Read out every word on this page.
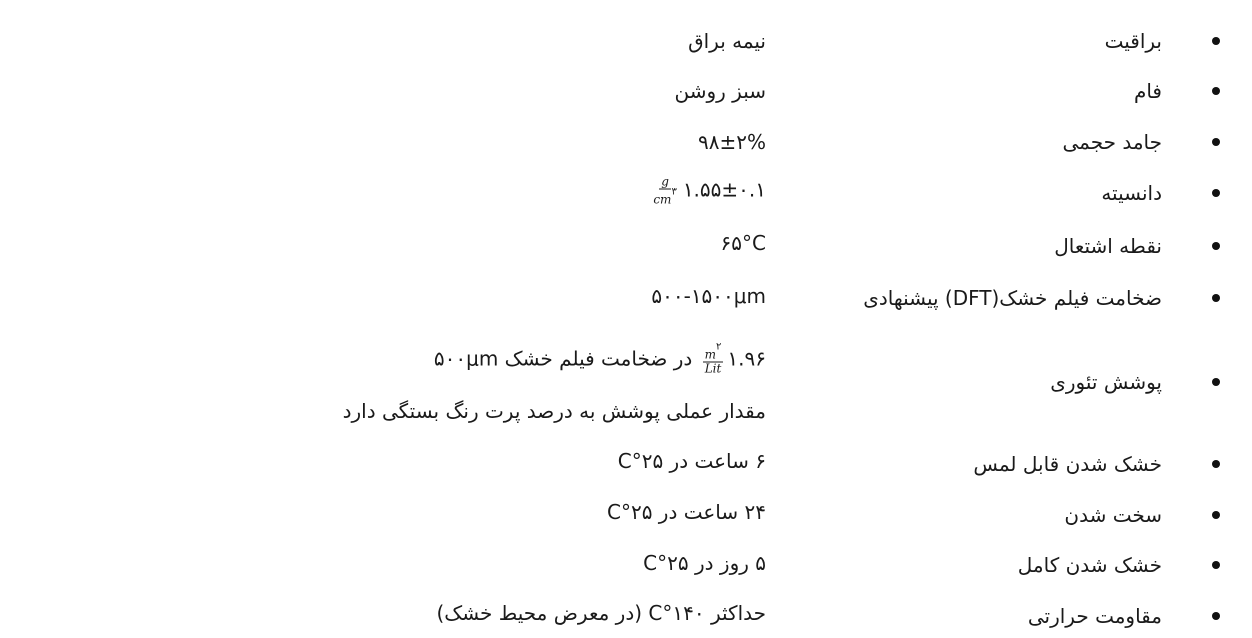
براقیت
نیمه براق
فام
سبز روشن
جامد حجمی
۹۸±۲%
دانسیته
۱.۵۵±۰.۱
$\frac{g}{cm^۳}$
نقطه اشتعال
۶۵°C
ضخامت فیلم خشک(DFT) پیشنهادی
۵۰۰-۱۵۰۰μm
پوشش تئوری
۱.۹۶
$\frac{m^۲}{\text{Lit}}$
در ضخامت فیلم خشک ۵۰۰μm
مقدار عملی پوشش به درصد پرت رنگ بستگی دارد
خشک شدن قابل لمس
۶ ساعت در ۲۵°C
سخت شدن
۲۴ ساعت در ۲۵°C
خشک شدن کامل
۵ روز در ۲۵°C
مقاومت حرارتی
حداکثر ۱۴۰°C (در معرض محیط خشک)
